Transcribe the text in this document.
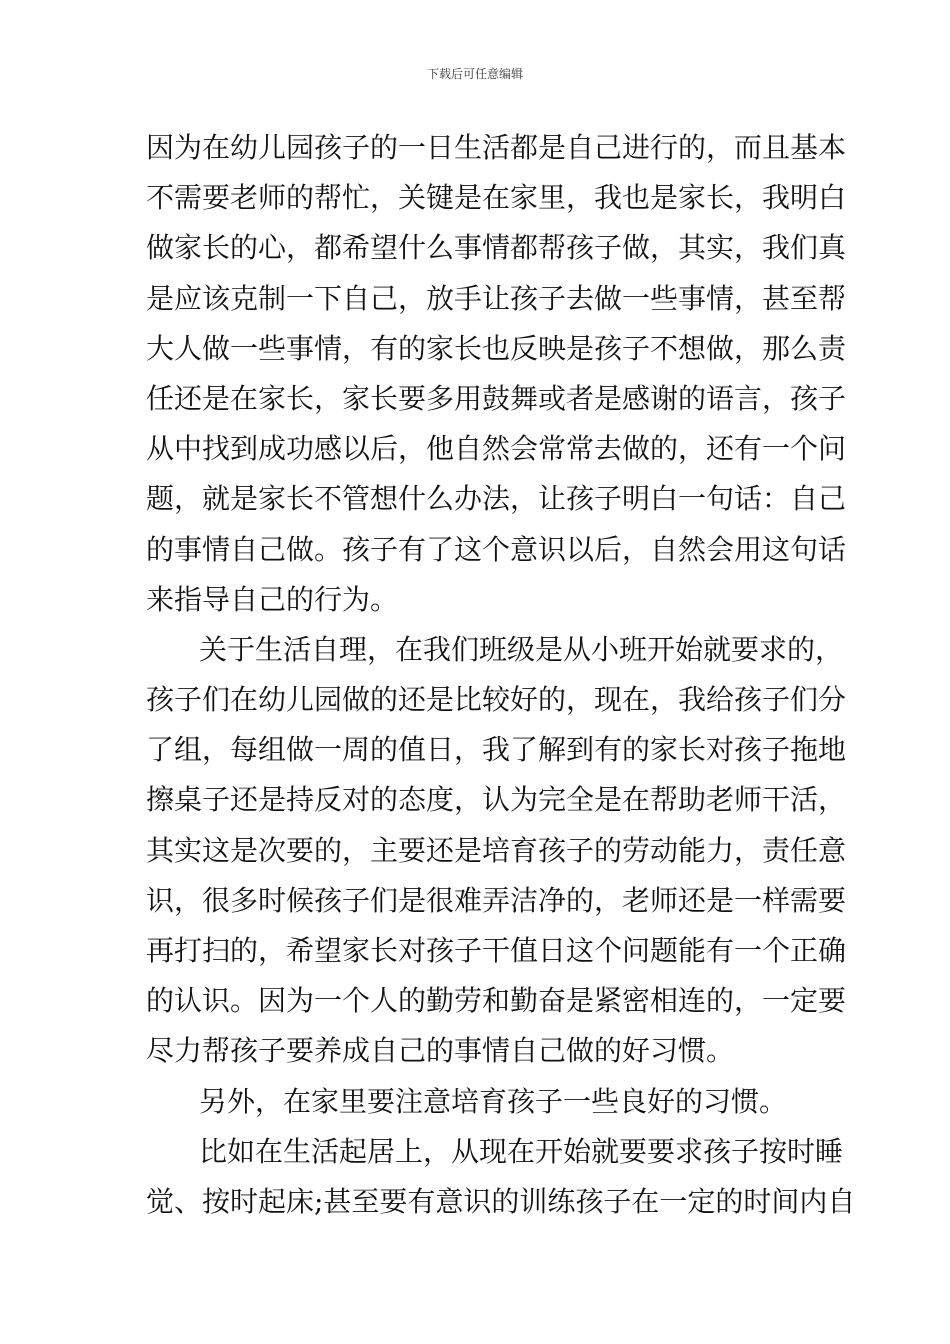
下载后可任意编辑
因为在幼儿园孩子的一日生活都是自己进行的，而且基本
不需要老师的帮忙，关键是在家里，我也是家长，我明白
做家长的心，都希望什么事情都帮孩子做，其实，我们真
是应该克制一下自己，放手让孩子去做一些事情，甚至帮
大人做一些事情，有的家长也反映是孩子不想做，那么责
任还是在家长，家长要多用鼓舞或者是感谢的语言，孩子
从中找到成功感以后，他自然会常常去做的，还有一个问
题，就是家长不管想什么办法，让孩子明白一句话：自己
的事情自己做。孩子有了这个意识以后，自然会用这句话
来指导自己的行为。
关于生活自理，在我们班级是从小班开始就要求的，
孩子们在幼儿园做的还是比较好的，现在，我给孩子们分
了组，每组做一周的值日，我了解到有的家长对孩子拖地
擦桌子还是持反对的态度，认为完全是在帮助老师干活，
其实这是次要的，主要还是培育孩子的劳动能力，责任意
识，很多时候孩子们是很难弄洁净的，老师还是一样需要
再打扫的，希望家长对孩子干值日这个问题能有一个正确
的认识。因为一个人的勤劳和勤奋是紧密相连的，一定要
尽力帮孩子要养成自己的事情自己做的好习惯。
另外，在家里要注意培育孩子一些良好的习惯。
比如在生活起居上，从现在开始就要要求孩子按时睡
觉、按时起床;甚至要有意识的训练孩子在一定的时间内自
